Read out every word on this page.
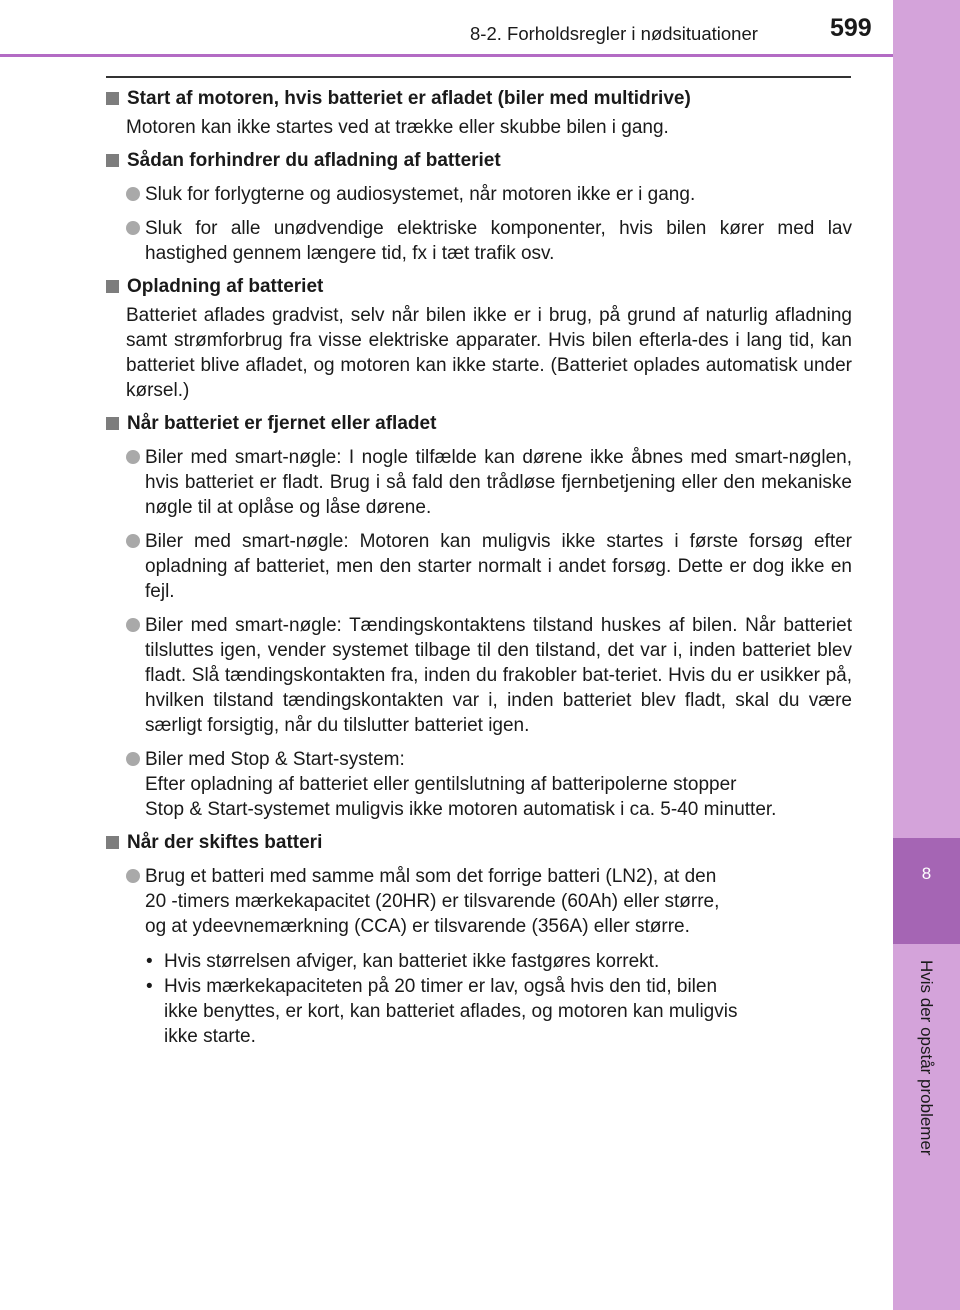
8
Hvis der opstår problemer
8-2. Forholdsregler i nødsituationer	599
Start af motoren, hvis batteriet er afladet (biler med multidrive)
Motoren kan ikke startes ved at trække eller skubbe bilen i gang.
Sådan forhindrer du afladning af batteriet
Sluk for forlygterne og audiosystemet, når motoren ikke er i gang.
Sluk for alle unødvendige elektriske komponenter, hvis bilen kører med lav hastighed gennem længere tid, fx i tæt trafik osv.
Opladning af batteriet
Batteriet aflades gradvist, selv når bilen ikke er i brug, på grund af naturlig afladning samt strømforbrug fra visse elektriske apparater. Hvis bilen efterla-des i lang tid, kan batteriet blive afladet, og motoren kan ikke starte. (Batteriet oplades automatisk under kørsel.)
Når batteriet er fjernet eller afladet
Biler med smart-nøgle: I nogle tilfælde kan dørene ikke åbnes med smart-nøglen, hvis batteriet er fladt. Brug i så fald den trådløse fjernbetjening eller den mekaniske nøgle til at oplåse og låse dørene.
Biler med smart-nøgle: Motoren kan muligvis ikke startes i første forsøg efter opladning af batteriet, men den starter normalt i andet forsøg. Dette er dog ikke en fejl.
Biler med smart-nøgle: Tændingskontaktens tilstand huskes af bilen. Når batteriet tilsluttes igen, vender systemet tilbage til den tilstand, det var i, inden batteriet blev fladt. Slå tændingskontakten fra, inden du frakobler bat-teriet. Hvis du er usikker på, hvilken tilstand tændingskontakten var i, inden batteriet blev fladt, skal du være særligt forsigtig, når du tilslutter batteriet igen.
Biler med Stop & Start-system:
Efter opladning af batteriet eller gentilslutning af batteripolerne stopper
Stop & Start-systemet muligvis ikke motoren automatisk i ca. 5-40 minutter.
Når der skiftes batteri
Brug et batteri med samme mål som det forrige batteri (LN2), at den
20 -timers mærkekapacitet (20HR) er tilsvarende (60Ah) eller større,
og at ydeevnemærkning (CCA) er tilsvarende (356A) eller større.
• Hvis størrelsen afviger, kan batteriet ikke fastgøres korrekt.
• Hvis mærkekapaciteten på 20 timer er lav, også hvis den tid, bilen
ikke benyttes, er kort, kan batteriet aflades, og motoren kan muligvis
ikke starte.
